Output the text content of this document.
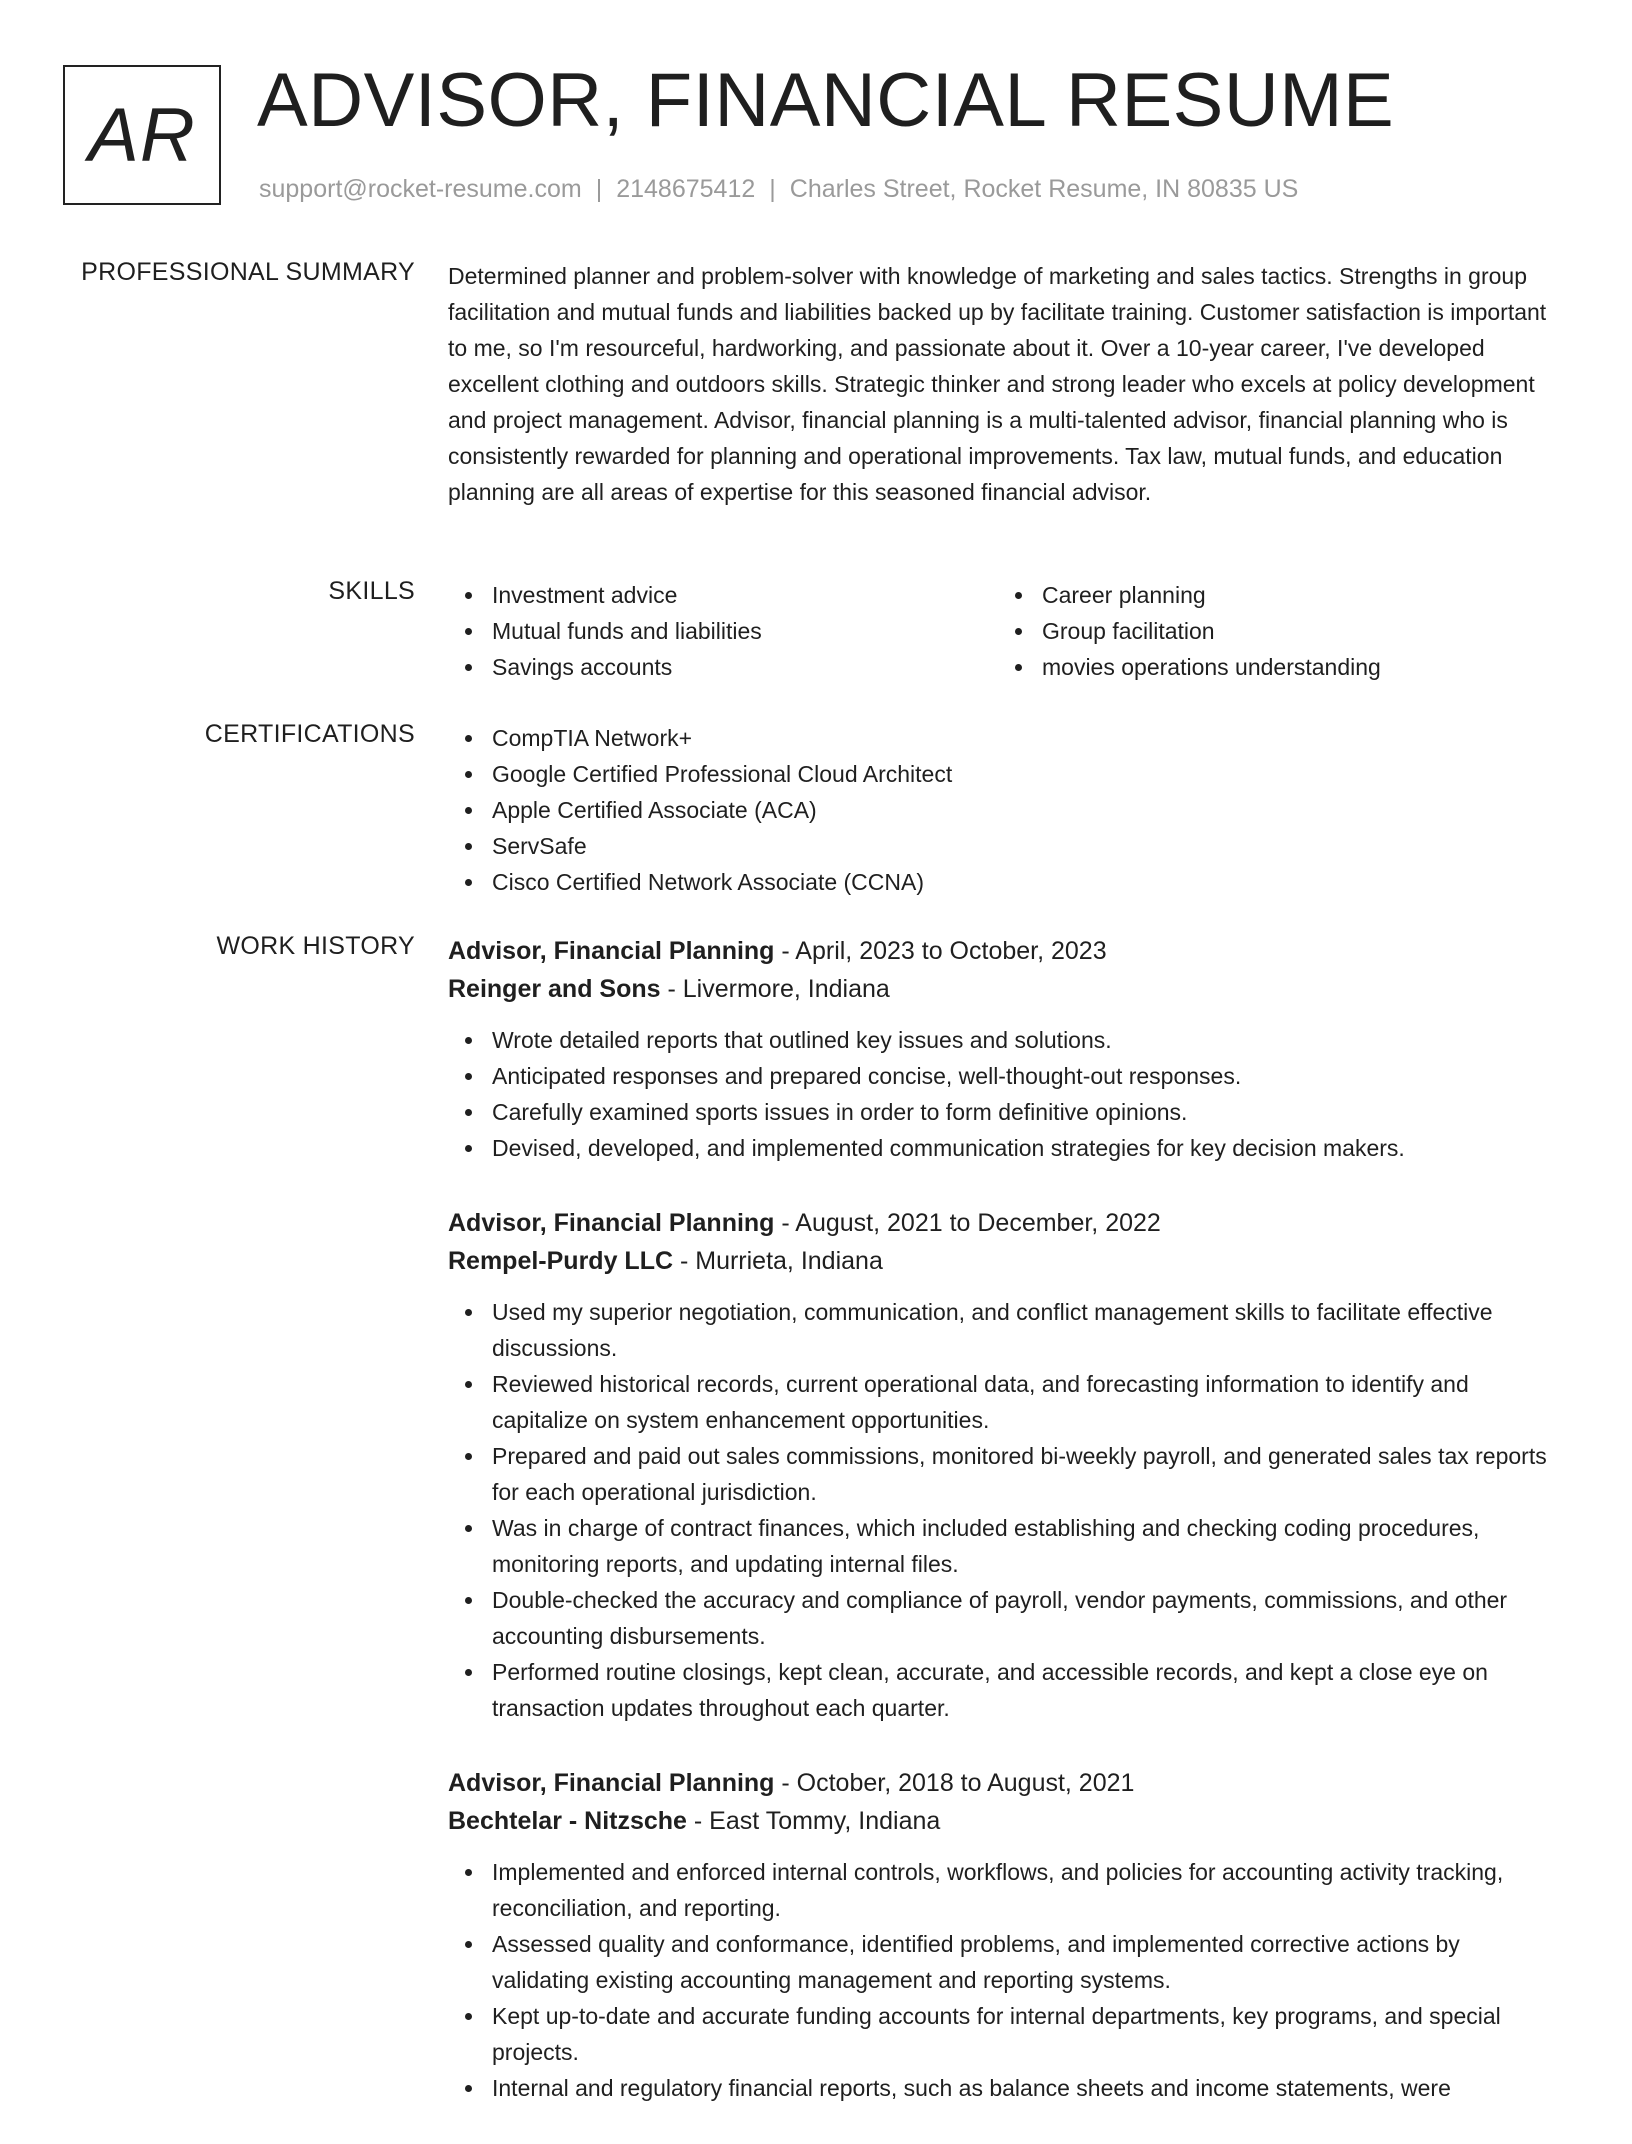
AR ADVISOR, FINANCIAL RESUME
support@rocket-resume.com | 2148675412 | Charles Street, Rocket Resume, IN 80835 US
PROFESSIONAL SUMMARY Determined planner and problem-solver with knowledge of marketing and sales tactics. Strengths in group facilitation and mutual funds and liabilities backed up by facilitate training. Customer satisfaction is important to me, so I'm resourceful, hardworking, and passionate about it. Over a 10-year career, I've developed excellent clothing and outdoors skills. Strategic thinker and strong leader who excels at policy development and project management. Advisor, financial planning is a multi-talented advisor, financial planning who is consistently rewarded for planning and operational improvements. Tax law, mutual funds, and education planning are all areas of expertise for this seasoned financial advisor.

SKILLS	Investment advice
Mutual funds and liabilities
Savings accounts
Career planning
Group facilitation
movies operations understanding
CERTIFICATIONS	CompTIA Network+
Google Certified Professional Cloud Architect
Apple Certified Associate (ACA)
ServSafe
Cisco Certified Network Associate (CCNA)
WORK HISTORY Advisor, Financial Planning - April, 2023 to October, 2023
Reinger and Sons - Livermore, Indiana
Wrote detailed reports that outlined key issues and solutions.
Anticipated responses and prepared concise, well-thought-out responses.
Carefully examined sports issues in order to form definitive opinions.
Devised, developed, and implemented communication strategies for key decision makers.
Advisor, Financial Planning - August, 2021 to December, 2022
Rempel-Purdy LLC - Murrieta, Indiana
Used my superior negotiation, communication, and conflict management skills to facilitate effective discussions.
Reviewed historical records, current operational data, and forecasting information to identify and capitalize on system enhancement opportunities.
Prepared and paid out sales commissions, monitored bi-weekly payroll, and generated sales tax reports for each operational jurisdiction.
Was in charge of contract finances, which included establishing and checking coding procedures, monitoring reports, and updating internal files.
Double-checked the accuracy and compliance of payroll, vendor payments, commissions, and other accounting disbursements.
Performed routine closings, kept clean, accurate, and accessible records, and kept a close eye on transaction updates throughout each quarter.
Advisor, Financial Planning - October, 2018 to August, 2021
Bechtelar - Nitzsche - East Tommy, Indiana
Implemented and enforced internal controls, workflows, and policies for accounting activity tracking, reconciliation, and reporting.
Assessed quality and conformance, identified problems, and implemented corrective actions by validating existing accounting management and reporting systems.
Kept up-to-date and accurate funding accounts for internal departments, key programs, and special projects.
Internal and regulatory financial reports, such as balance sheets and income statements, were
